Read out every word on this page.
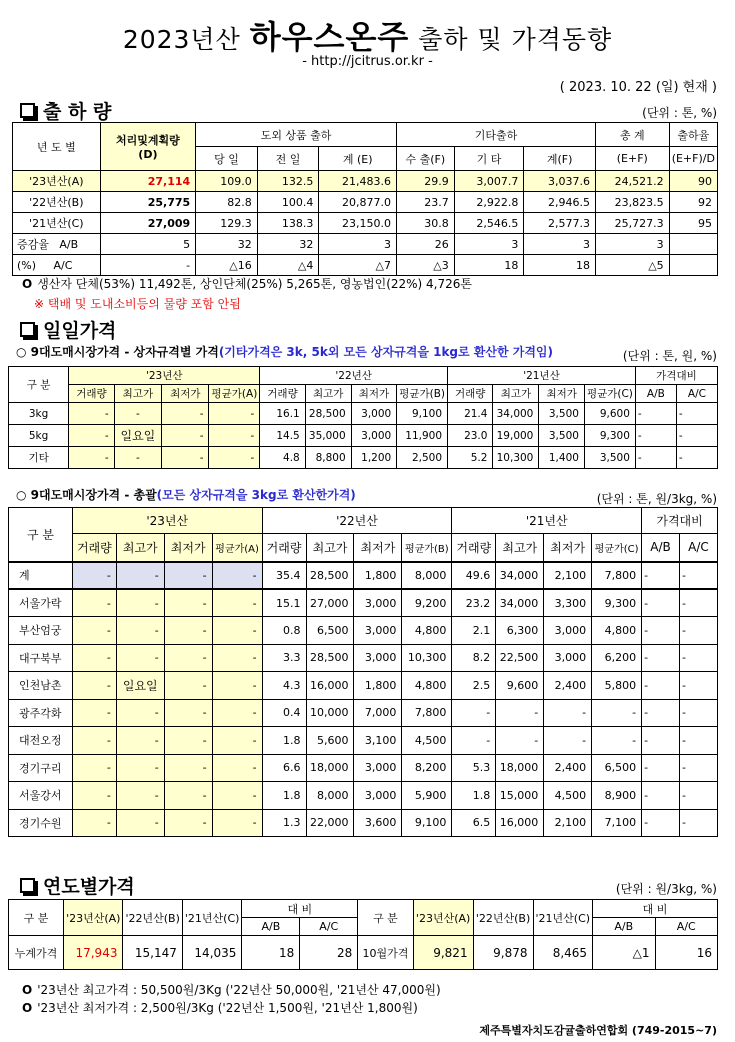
2023년산 하우스온주 출하 및 가격동향
- http://jcitrus.or.kr -
( 2023. 10. 22 (일) 현재 )
출 하 량	(단위 : 톤, %)
년 도 별	처리및계획량
(D)	도외 상품 출하			기타출하			총 계	출하율
		당 일	전 일	계 (E)	수 출(F)	기 타	계(F)	(E+F)	(E+F)/D
'23년산(A)	27,114	109.0	132.5	21,483.6	29.9	3,007.7	3,037.6	24,521.2	90
'22년산(B)	25,775	82.8	100.4	20,877.0	23.7	2,922.8	2,946.5	23,823.5	92
'21년산(C)	27,009	129.3	138.3	23,150.0	30.8	2,546.5	2,577.3	25,727.3	95
증감율 A/B	5	32	32	3	26	3	3	3	
(%) A/C	-	△16	△4	△7	△3	18	18	△5	
O 생산자 단체(53%) 11,492톤, 상인단체(25%) 5,265톤, 영농법인(22%) 4,726톤
※ 택배 및 도내소비등의 물량 포함 안됨
일일가격
○ 9대도매시장가격 - 상자규격별 가격(기타가격은 3k, 5k외 모든 상자규격을 1kg로 환산한 가격임)	(단위 : 톤, 원, %)
구 분	'23년산				'22년산				'21년산				가격대비	
	거래량	최고가	최저가	평균가(A)	거래량	최고가	최저가	평균가(B)	거래량	최고가	최저가	평균가(C)	A/B	A/C
3kg	-	-	-	-	16.1	28,500	3,000	9,100	21.4	34,000	3,500	9,600	-	-
5kg	-	일요일	-	-	14.5	35,000	3,000	11,900	23.0	19,000	3,500	9,300	-	-
기타	-	-	-	-	4.8	8,800	1,200	2,500	5.2	10,300	1,400	3,500	-	-
○ 9대도매시장가격 - 총괄(모든 상자규격을 3kg로 환산한가격)	(단위 : 톤, 원/3kg, %)
구 분	'23년산				'22년산				'21년산				가격대비	
	거래량	최고가	최저가	평균가(A)	거래량	최고가	최저가	평균가(B)	거래량	최고가	최저가	평균가(C)	A/B	A/C
계	-	-	-	-	35.4	28,500	1,800	8,000	49.6	34,000	2,100	7,800	-	-
서울가락	-	-	-	-	15.1	27,000	3,000	9,200	23.2	34,000	3,300	9,300	-	-
부산엄궁	-	-	-	-	0.8	6,500	3,000	4,800	2.1	6,300	3,000	4,800	-	-
대구북부	-	-	-	-	3.3	28,500	3,000	10,300	8.2	22,500	3,000	6,200	-	-
인천남촌	-	일요일	-	-	4.3	16,000	1,800	4,800	2.5	9,600	2,400	5,800	-	-
광주각화	-	-	-	-	0.4	10,000	7,000	7,800	-	-	-	-	-	-
대전오정	-	-	-	-	1.8	5,600	3,100	4,500	-	-	-	-	-	-
경기구리	-	-	-	-	6.6	18,000	3,000	8,200	5.3	18,000	2,400	6,500	-	-
서울강서	-	-	-	-	1.8	8,000	3,000	5,900	1.8	15,000	4,500	8,900	-	-
경기수원	-	-	-	-	1.3	22,000	3,600	9,100	6.5	16,000	2,100	7,100	-	-
연도별가격	(단위 : 원/3kg, %)
구 분	'23년산(A)	'22년산(B)	'21년산(C)	대 비		구 분	'23년산(A)	'22년산(B)	'21년산(C)	대 비	
				A/B	A/C					A/B	A/C
누계가격	17,943	15,147	14,035	18	28	10월가격	9,821	9,878	8,465	△1	16
O '23년산 최고가격 : 50,500원/3Kg ('22년산 50,000원, '21년산 47,000원)
O '23년산 최저가격 : 2,500원/3Kg ('22년산 1,500원, '21년산 1,800원)
제주특별자치도감귤출하연합회 (749-2015~7)
